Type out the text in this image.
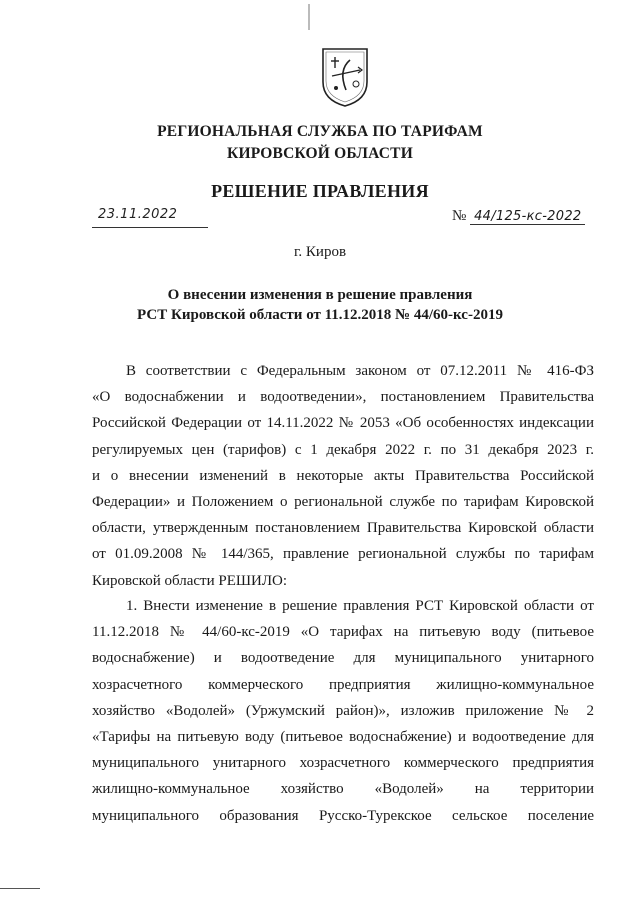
РЕГИОНАЛЬНАЯ СЛУЖБА ПО ТАРИФАМ
КИРОВСКОЙ ОБЛАСТИ
РЕШЕНИЕ ПРАВЛЕНИЯ
23.11.2022	№ 44/125-кс-2022
г. Киров
О внесении изменения в решение правления
РСТ Кировской области от 11.12.2018 № 44/60-кс-2019

В соответствии с Федеральным законом от 07.12.2011 № 416-ФЗ

«О водоснабжении и водоотведении», постановлением Правительства

Российской Федерации от 14.11.2022 № 2053 «Об особенностях индексации

регулируемых цен (тарифов) с 1 декабря 2022 г. по 31 декабря 2023 г.

и о внесении изменений в некоторые акты Правительства Российской

Федерации» и Положением о региональной службе по тарифам Кировской

области, утвержденным постановлением Правительства Кировской области

от 01.09.2008 № 144/365, правление региональной службы по тарифам

Кировской области РЕШИЛО:

1. Внести изменение в решение правления РСТ Кировской области от

11.12.2018 № 44/60-кс-2019 «О тарифах на питьевую воду (питьевое

водоснабжение) и водоотведение для муниципального унитарного

хозрасчетного коммерческого предприятия жилищно-коммунальное

хозяйство «Водолей» (Уржумский район)», изложив приложение № 2

«Тарифы на питьевую воду (питьевое водоснабжение) и водоотведение для

муниципального унитарного хозрасчетного коммерческого предприятия

жилищно-коммунальное хозяйство «Водолей» на территории

муниципального образования Русско-Турекское сельское поселение
